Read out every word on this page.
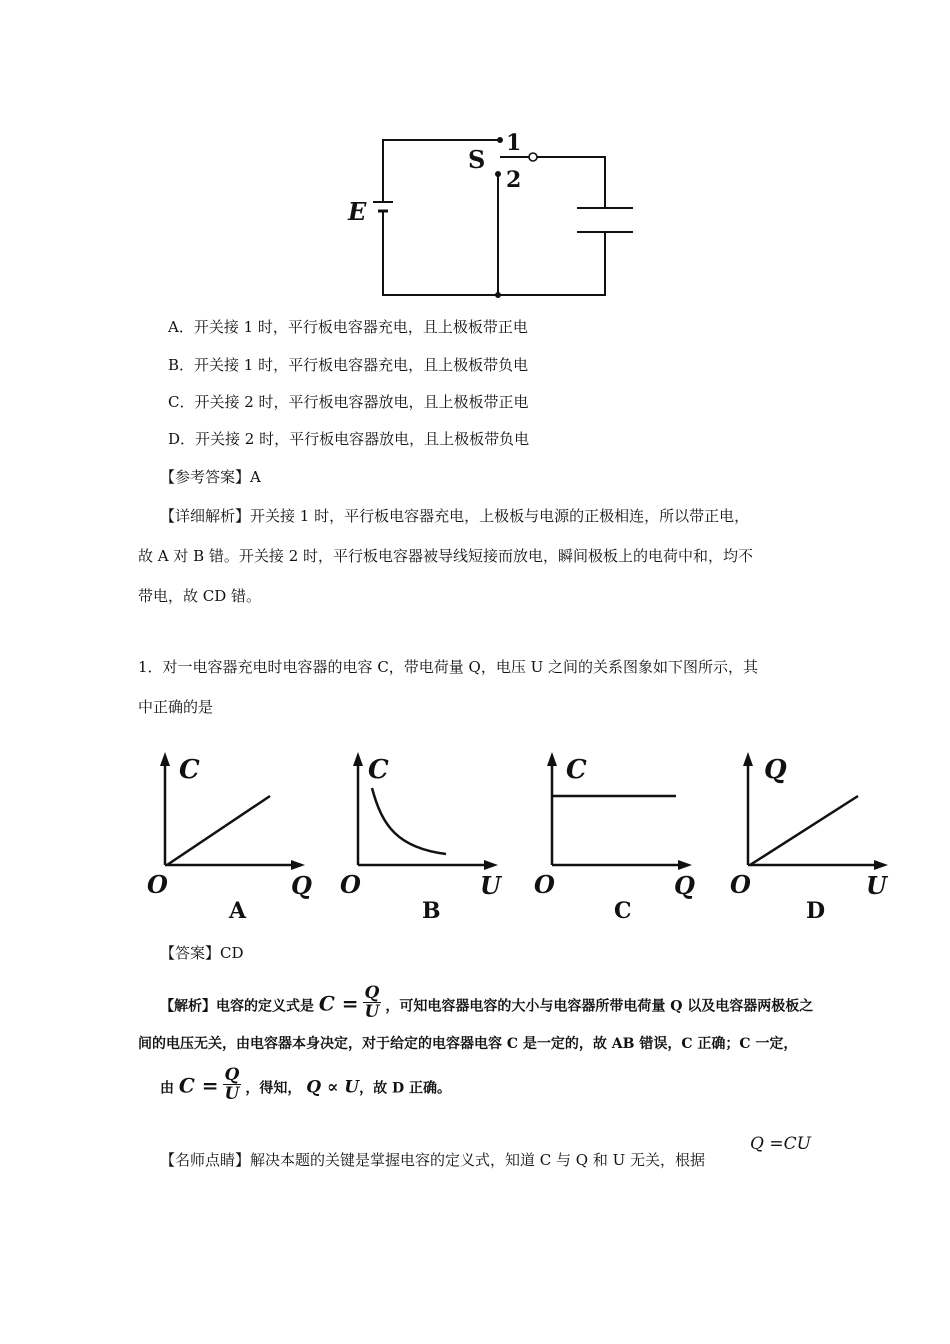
E
S
1
2
A．开关接 1 时，平行板电容器充电，且上极板带正电
B．开关接 1 时，平行板电容器充电，且上极板带负电
C．开关接 2 时，平行板电容器放电，且上极板带正电
D．开关接 2 时，平行板电容器放电，且上极板带负电
【参考答案】A
【详细解析】开关接 1 时，平行板电容器充电，上极板与电源的正极相连，所以带正电，
故 A 对 B 错。开关接 2 时，平行板电容器被导线短接而放电，瞬间极板上的电荷中和，均不
带电，故 CD 错。
1．对一电容器充电时电容器的电容 C，带电荷量 Q，电压 U 之间的关系图象如下图所示，其
中正确的是
C
O	Q
A
C
O	U
B
C
O	Q
C
Q
O	U
D
【答案】CD
【解析】电容的定义式是 $C = \frac{Q}{U}$ ，可知电容器电容的大小与电容器所带电荷量 Q 以及电容器两极板之
间的电压无关，由电容器本身决定，对于给定的电容器电容 C 是一定的，故 AB 错误，C 正确；C 一定，
由 $C = \frac{Q}{U}$ ，得知， Q ∝ U，故 D 正确。
【名师点睛】解决本题的关键是掌握电容的定义式，知道 C 与 Q 和 U 无关，根据
Q =CU
